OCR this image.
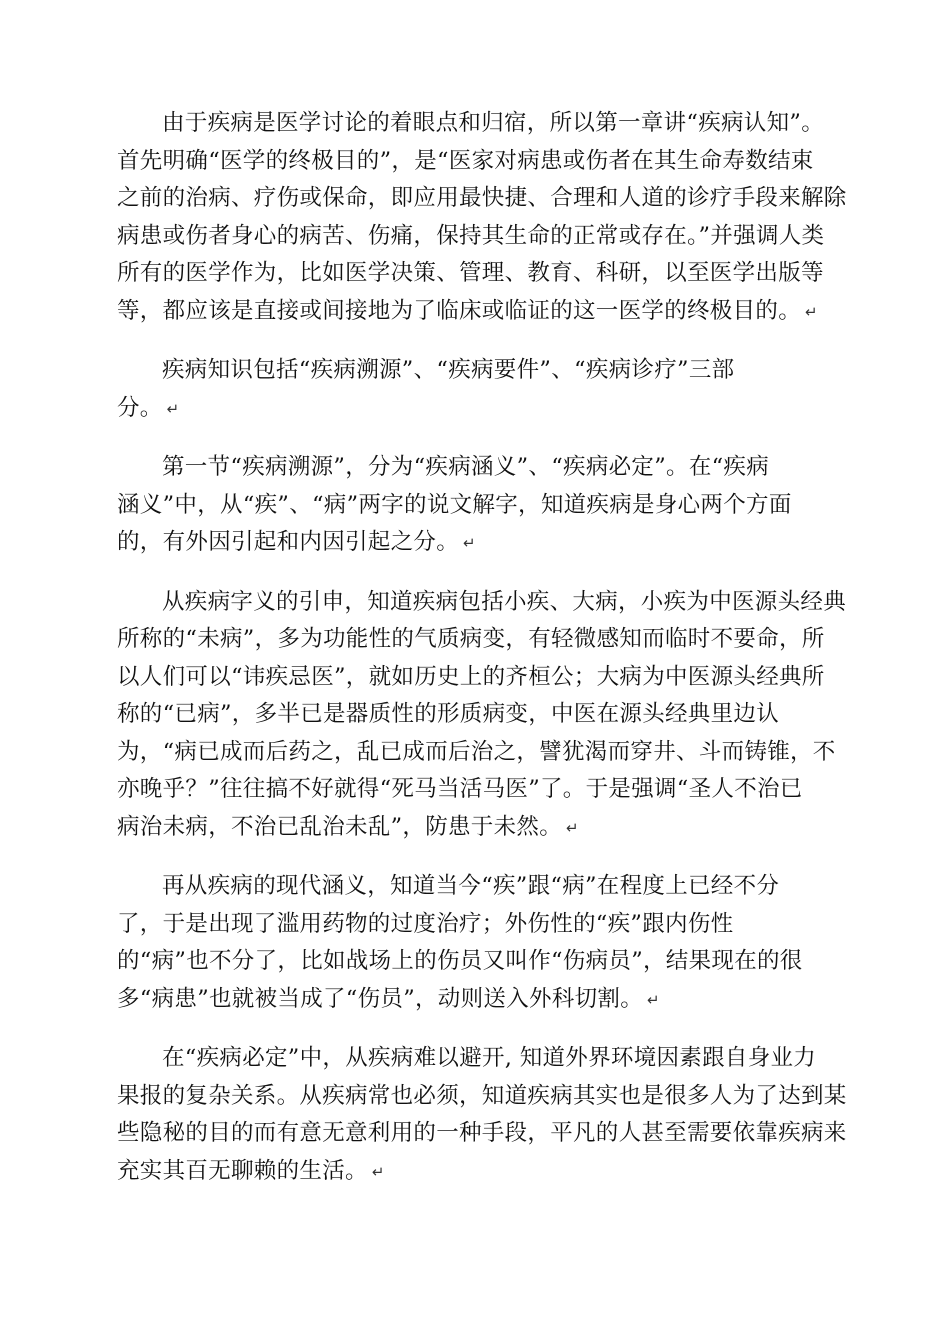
由于疾病是医学讨论的着眼点和归宿，所以第一章讲“疾病认知”。
首先明确“医学的终极目的”，是“医家对病患或伤者在其生命寿数结束
之前的治病、疗伤或保命，即应用最快捷、合理和人道的诊疗手段来解除
病患或伤者身心的病苦、伤痛，保持其生命的正常或存在。”并强调人类
所有的医学作为，比如医学决策、管理、教育、科研，以至医学出版等
等，都应该是直接或间接地为了临床或临证的这一医学的终极目的。 ↵

疾病知识包括“疾病溯源”、“疾病要件”、“疾病诊疗”三部
分。 ↵

第一节“疾病溯源”，分为“疾病涵义”、“疾病必定”。在“疾病
涵义”中，从“疾”、“病”两字的说文解字，知道疾病是身心两个方面
的，有外因引起和内因引起之分。 ↵

从疾病字义的引申，知道疾病包括小疾、大病，小疾为中医源头经典
所称的“未病”，多为功能性的气质病变，有轻微感知而临时不要命，所
以人们可以“讳疾忌医”，就如历史上的齐桓公；大病为中医源头经典所
称的“已病”，多半已是器质性的形质病变，中医在源头经典里边认
为，“病已成而后药之，乱已成而后治之，譬犹渴而穿井、斗而铸锥，不
亦晚乎？”往往搞不好就得“死马当活马医”了。于是强调“圣人不治已
病治未病，不治已乱治未乱”，防患于未然。 ↵

再从疾病的现代涵义，知道当今“疾”跟“病”在程度上已经不分
了，于是出现了滥用药物的过度治疗；外伤性的“疾”跟内伤性
的“病”也不分了，比如战场上的伤员又叫作“伤病员”，结果现在的很
多“病患”也就被当成了“伤员”，动则送入外科切割。 ↵

在“疾病必定”中，从疾病难以避开, 知道外界环境因素跟自身业力
果报的复杂关系。从疾病常也必须，知道疾病其实也是很多人为了达到某
些隐秘的目的而有意无意利用的一种手段，平凡的人甚至需要依靠疾病来
充实其百无聊赖的生活。 ↵
